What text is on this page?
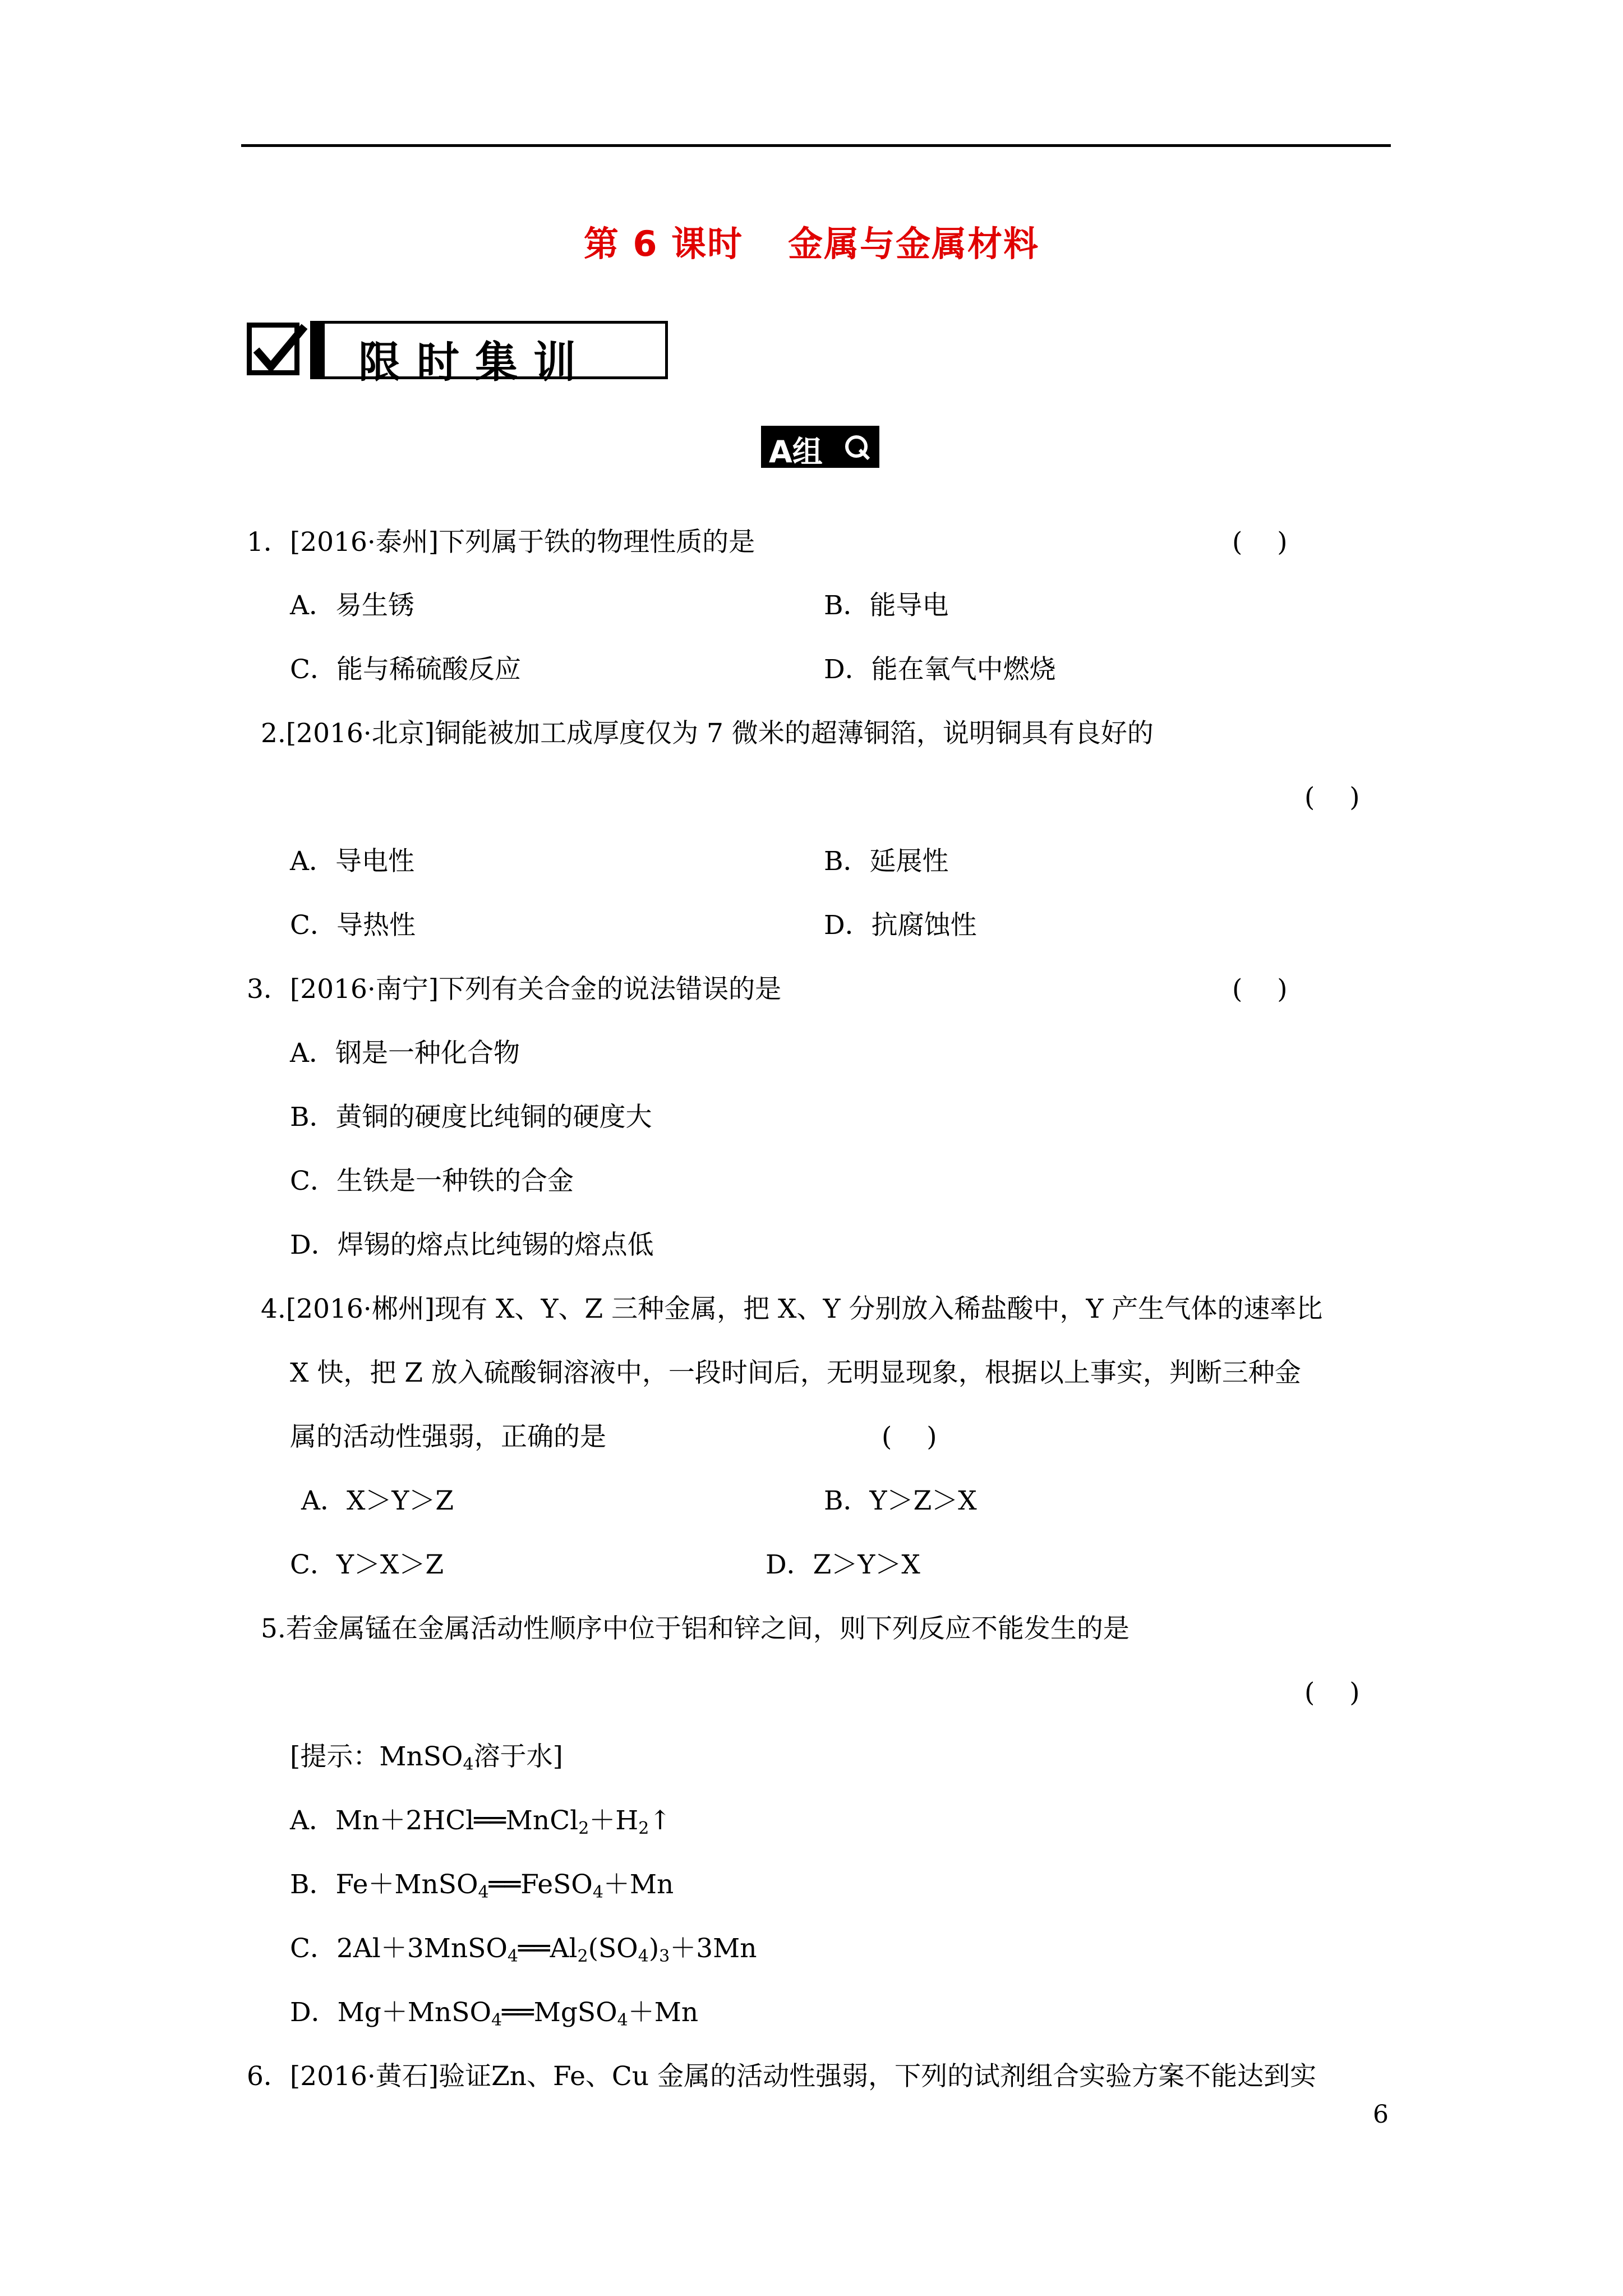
第 6 课时 金属与金属材料
限时集训
A组
1．[2016·泰州]下列属于铁的物理性质的是	(　 )
A．易生锈	B．能导电
C．能与稀硫酸反应	D．能在氧气中燃烧
2.[2016·北京]铜能被加工成厚度仅为 7 微米的超薄铜箔，说明铜具有良好的
(　 )
A．导电性	B．延展性
C．导热性	D．抗腐蚀性
3．[2016·南宁]下列有关合金的说法错误的是	(　 )
A．钢是一种化合物
B．黄铜的硬度比纯铜的硬度大
C．生铁是一种铁的合金
D．焊锡的熔点比纯锡的熔点低
4.[2016·郴州]现有 X、Y、Z 三种金属，把 X、Y 分别放入稀盐酸中，Y 产生气体的速率比
X 快，把 Z 放入硫酸铜溶液中，一段时间后，无明显现象，根据以上事实，判断三种金
属的活动性强弱，正确的是	(　 )
A．X＞Y＞Z	B．Y＞Z＞X
C．Y＞X＞Z	D．Z＞Y＞X
5.若金属锰在金属活动性顺序中位于铝和锌之间，则下列反应不能发生的是
(　 )
[提示：MnSO$_4$溶于水]
A．$Mn+2HCl══MnCl_2+H_2↑$
B．Fe＋MnSO$_4$══FeSO$_4$＋Mn
C．$2Al+3MnSO_4══Al_2(SO_4)_3+3Mn$
D．Mg＋MnSO$_4$══MgSO$_4$＋Mn
6．[2016·黄石]验证Zn、Fe、Cu 金属的活动性强弱，下列的试剂组合实验方案不能达到实
6
